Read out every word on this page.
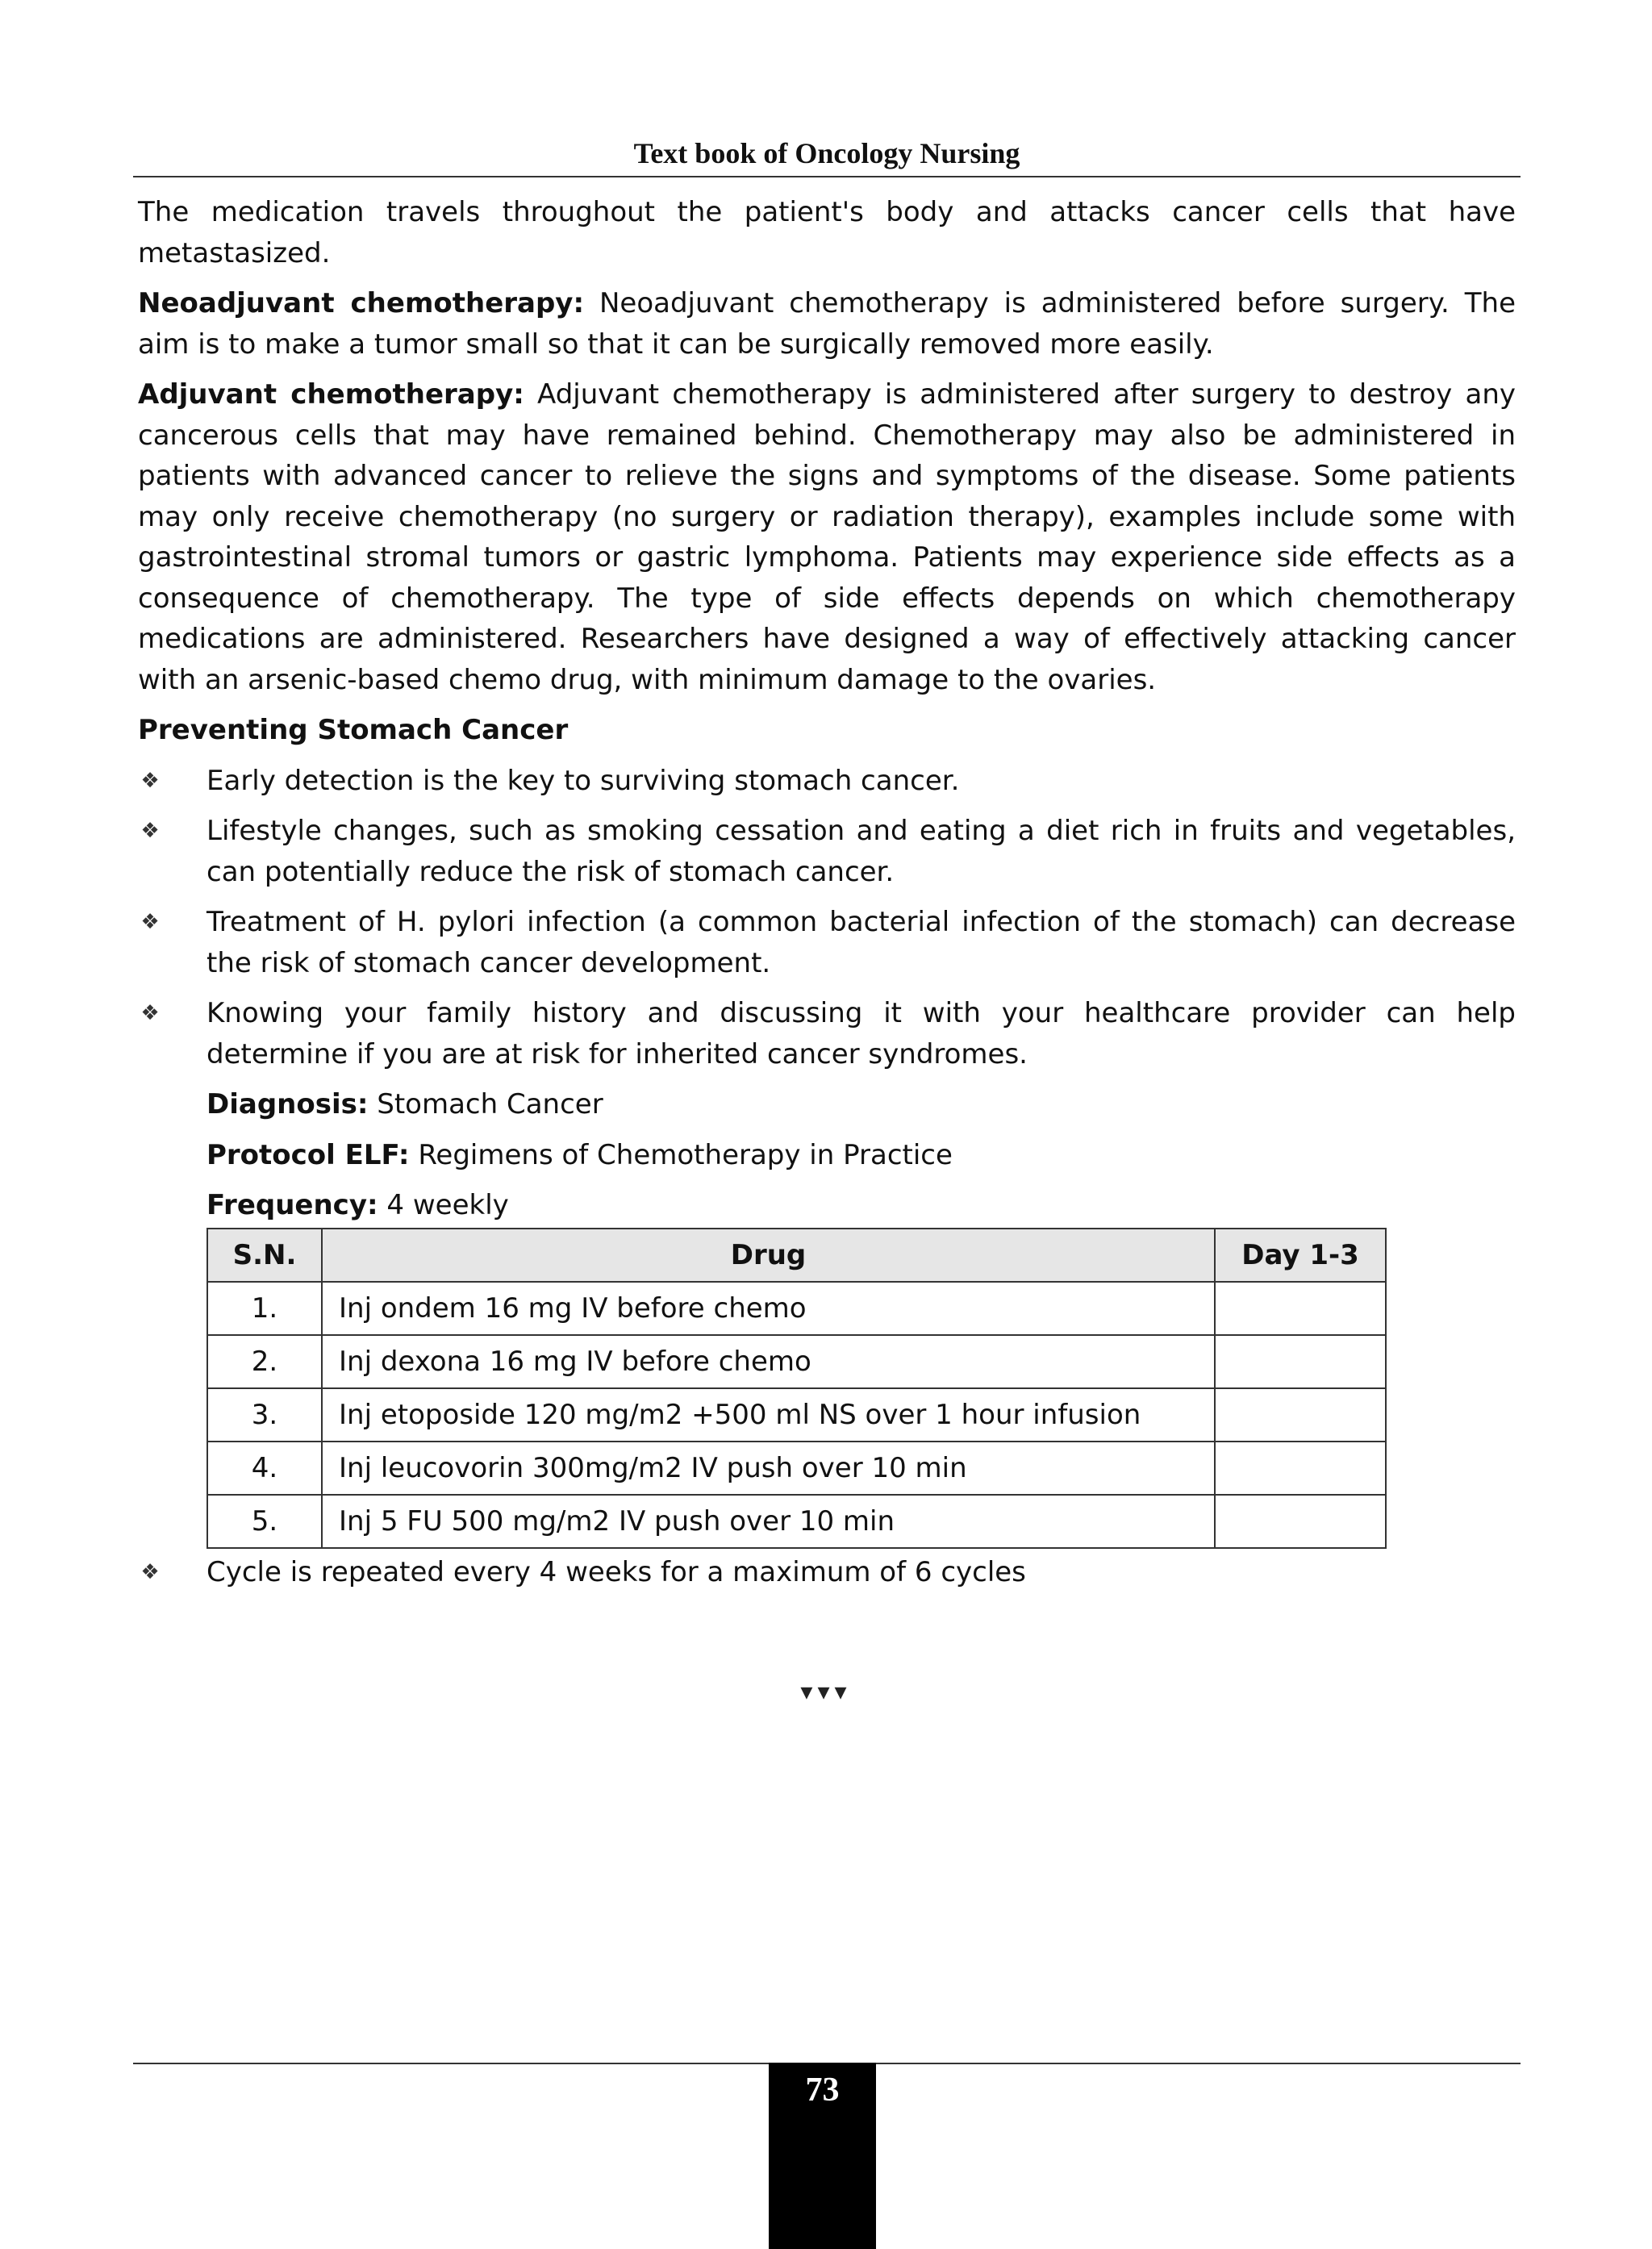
Text book of Oncology Nursing

The medication travels throughout the patient's body and attacks cancer cells that have metastasized.

Neoadjuvant chemotherapy: Neoadjuvant chemotherapy is administered before surgery. The aim is to make a tumor small so that it can be surgically removed more easily.

Adjuvant chemotherapy: Adjuvant chemotherapy is administered after surgery to destroy any cancerous cells that may have remained behind. Chemotherapy may also be administered in patients with advanced cancer to relieve the signs and symptoms of the disease. Some patients may only receive chemotherapy (no surgery or radiation therapy), examples include some with gastrointestinal stromal tumors or gastric lymphoma. Patients may experience side effects as a consequence of chemotherapy. The type of side effects depends on which chemotherapy medications are administered. Researchers have designed a way of effectively attacking cancer with an arsenic-based chemo drug, with minimum damage to the ovaries.

Preventing Stomach Cancer

❖ Early detection is the key to surviving stomach cancer.
❖ Lifestyle changes, such as smoking cessation and eating a diet rich in fruits and vegetables, can potentially reduce the risk of stomach cancer.
❖ Treatment of H. pylori infection (a common bacterial infection of the stomach) can decrease the risk of stomach cancer development.
❖ Knowing your family history and discussing it with your healthcare provider can help determine if you are at risk for inherited cancer syndromes.

Diagnosis: Stomach Cancer

Protocol ELF: Regimens of Chemotherapy in Practice

Frequency: 4 weekly

S.N.	Drug	Day 1-3
1.	Inj ondem 16 mg IV before chemo	
2.	Inj dexona 16 mg IV before chemo	
3.	Inj etoposide 120 mg/m2 +500 ml NS over 1 hour infusion	
4.	Inj leucovorin 300mg/m2 IV push over 10 min	
5.	Inj 5 FU 500 mg/m2 IV push over 10 min	
❖ Cycle is repeated every 4 weeks for a maximum of 6 cycles
▾▾▾
73
